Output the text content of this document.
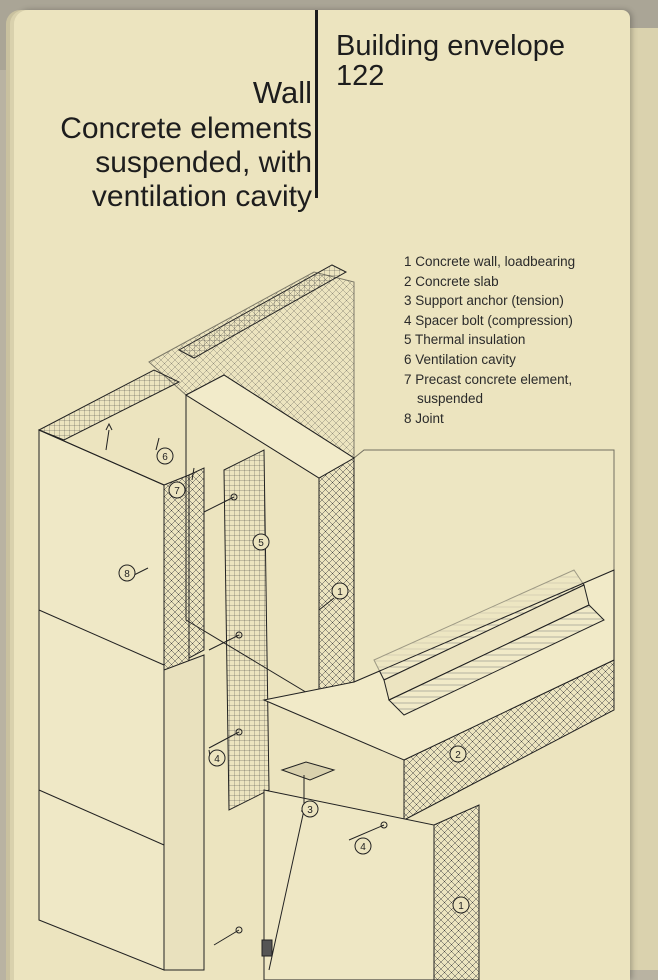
Wall
Concrete elements
suspended, with
ventilation cavity
Building envelope
122
1 Concrete wall, loadbearing
2 Concrete slab
3 Support anchor (tension)
4 Spacer bolt (compression)
5 Thermal insulation
6 Ventilation cavity
7 Precast concrete element,
suspended
8 Joint
1
1
2
3
4
4
5
6
7
8
